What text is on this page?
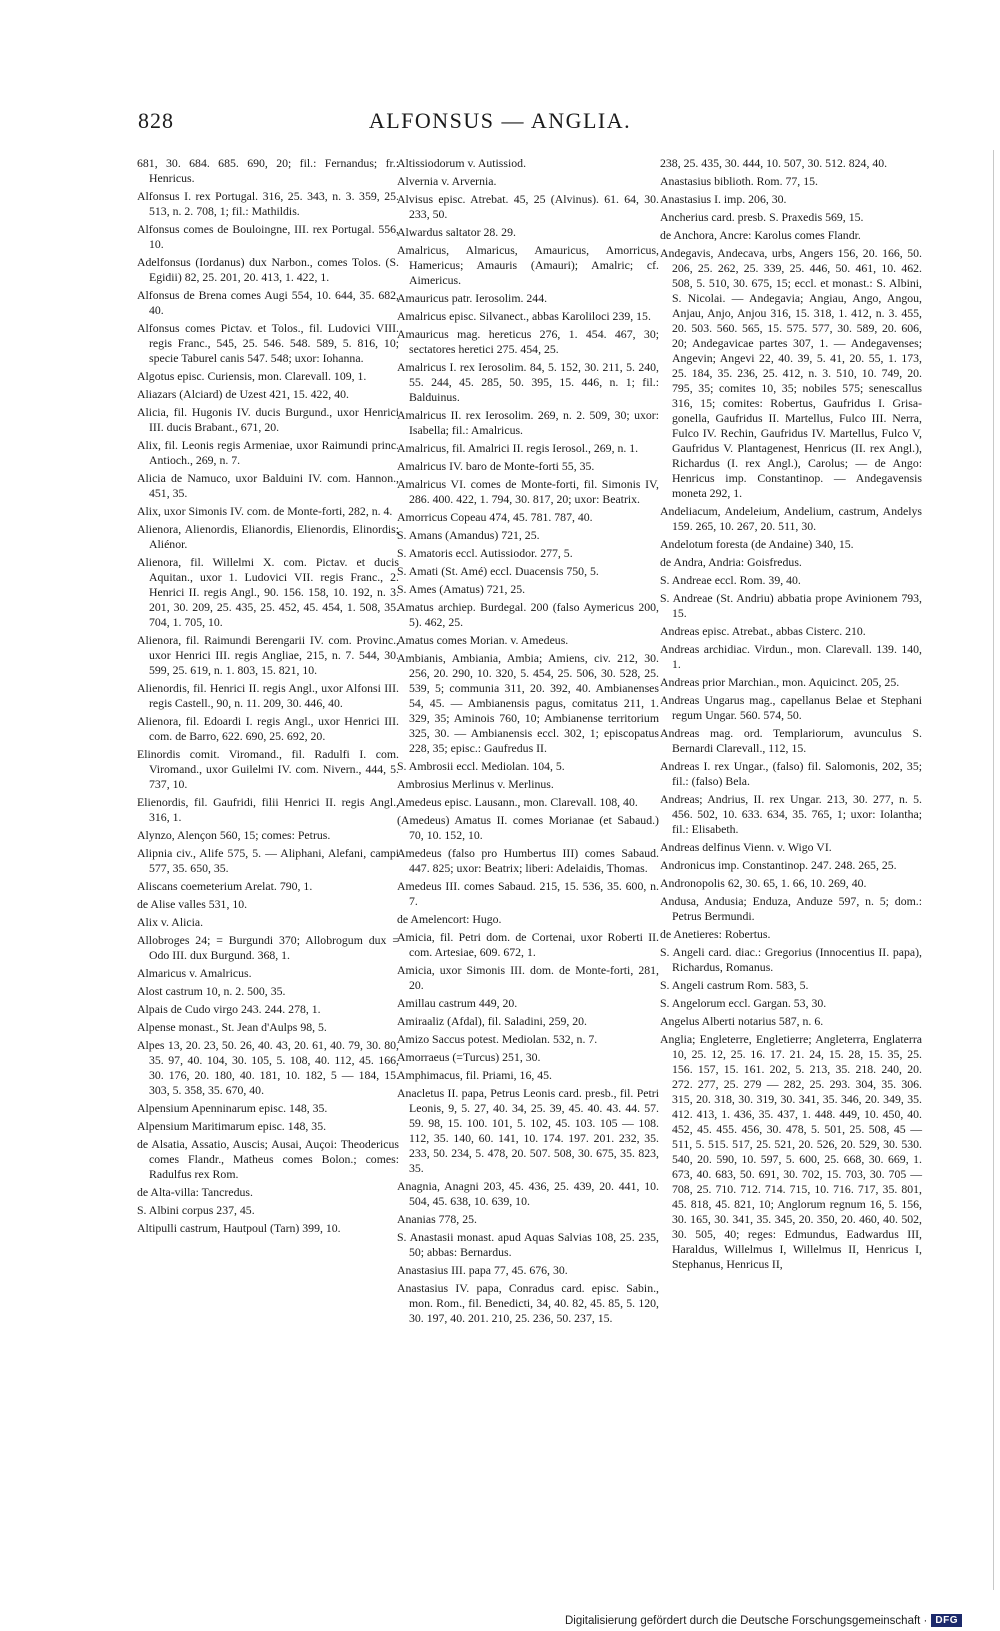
828	ALFONSUS — ANGLIA.
681, 30. 684. 685. 690, 20; fil.: Fernandus; fr.: Henricus.
Alfonsus I. rex Portugal. 316, 25. 343, n. 3. 359, 25. 513, n. 2. 708, 1; fil.: Mathildis.
Alfonsus comes de Bouloingne, III. rex Portugal. 556, 10.
Adelfonsus (Iordanus) dux Narbon., comes Tolos. (S. Egidii) 82, 25. 201, 20. 413, 1. 422, 1.
Alfonsus de Brena comes Augi 554, 10. 644, 35. 682, 40.
Alfonsus comes Pictav. et Tolos., fil. Ludovici VIII. regis Franc., 545, 25. 546. 548. 589, 5. 816, 10; specie Taburel canis 547. 548; uxor: Iohanna.
Algotus episc. Curiensis, mon. Clarevall. 109, 1.
Aliazars (Alciard) de Uzest 421, 15. 422, 40.
Alicia, fil. Hugonis IV. ducis Burgund., uxor Henrici III. ducis Brabant., 671, 20.
Alix, fil. Leonis regis Armeniae, uxor Raimundi princ. Antioch., 269, n. 7.
Alicia de Namuco, uxor Balduini IV. com. Hannon., 451, 35.
Alix, uxor Simonis IV. com. de Monte-forti, 282, n. 4.
Alienora, Alienordis, Elianordis, Elienordis, Elinordis; Aliénor.
Alienora, fil. Willelmi X. com. Pictav. et ducis Aquitan., uxor 1. Ludovici VII. regis Franc., 2. Henrici II. regis Angl., 90. 156. 158, 10. 192, n. 3. 201, 30. 209, 25. 435, 25. 452, 45. 454, 1. 508, 35. 704, 1. 705, 10.
Alienora, fil. Raimundi Berengarii IV. com. Provinc., uxor Henrici III. regis Angliae, 215, n. 7. 544, 30. 599, 25. 619, n. 1. 803, 15. 821, 10.
Alienordis, fil. Henrici II. regis Angl., uxor Alfonsi III. regis Castell., 90, n. 11. 209, 30. 446, 40.
Alienora, fil. Edoardi I. regis Angl., uxor Henrici III. com. de Barro, 622. 690, 25. 692, 20.
Elinordis comit. Viromand., fil. Radulfi I. com. Viromand., uxor Guilelmi IV. com. Nivern., 444, 5. 737, 10.
Elienordis, fil. Gaufridi, filii Henrici II. regis Angl., 316, 1.
Alynzo, Alençon 560, 15; comes: Petrus.
Alipnia civ., Alife 575, 5. — Aliphani, Alefani, campi 577, 35. 650, 35.
Aliscans coemeterium Arelat. 790, 1.
de Alise valles 531, 10.
Alix v. Alicia.
Allobroges 24; = Burgundi 370; Allobrogum dux = Odo III. dux Burgund. 368, 1.
Almaricus v. Amalricus.
Alost castrum 10, n. 2. 500, 35.
Alpais de Cudo virgo 243. 244. 278, 1.
Alpense monast., St. Jean d'Aulps 98, 5.
Alpes 13, 20. 23, 50. 26, 40. 43, 20. 61, 40. 79, 30. 80, 35. 97, 40. 104, 30. 105, 5. 108, 40. 112, 45. 166, 30. 176, 20. 180, 40. 181, 10. 182, 5 — 184, 15. 303, 5. 358, 35. 670, 40.
Alpensium Apenninarum episc. 148, 35.
Alpensium Maritimarum episc. 148, 35.
de Alsatia, Assatio, Auscis; Ausai, Auçoi: Theodericus comes Flandr., Matheus comes Bolon.; comes: Radulfus rex Rom.
de Alta-villa: Tancredus.
S. Albini corpus 237, 45.
Altipulli castrum, Hautpoul (Tarn) 399, 10.
Altissiodorum v. Autissiod.
Alvernia v. Arvernia.
Alvisus episc. Atrebat. 45, 25 (Alvinus). 61. 64, 30. 233, 50.
Alwardus saltator 28. 29.
Amalricus, Almaricus, Amauricus, Amorricus, Hamericus; Amauris (Amauri); Amalric; cf. Aimericus.
Amauricus patr. Ierosolim. 244.
Amalricus episc. Silvanect., abbas Karoliloci 239, 15.
Amauricus mag. hereticus 276, 1. 454. 467, 30; sectatores heretici 275. 454, 25.
Amalricus I. rex Ierosolim. 84, 5. 152, 30. 211, 5. 240, 55. 244, 45. 285, 50. 395, 15. 446, n. 1; fil.: Balduinus.
Amalricus II. rex Ierosolim. 269, n. 2. 509, 30; uxor: Isabella; fil.: Amalricus.
Amalricus, fil. Amalrici II. regis Ierosol., 269, n. 1.
Amalricus IV. baro de Monte-forti 55, 35.
Amalricus VI. comes de Monte-forti, fil. Simonis IV, 286. 400. 422, 1. 794, 30. 817, 20; uxor: Beatrix.
Amorricus Copeau 474, 45. 781. 787, 40.
S. Amans (Amandus) 721, 25.
S. Amatoris eccl. Autissiodor. 277, 5.
S. Amati (St. Amé) eccl. Duacensis 750, 5.
S. Ames (Amatus) 721, 25.
Amatus archiep. Burdegal. 200 (falso Aymericus 200, 5). 462, 25.
Amatus comes Morian. v. Amedeus.
Ambianis, Ambiania, Ambia; Amiens, civ. 212, 30. 256, 20. 290, 10. 320, 5. 454, 25. 506, 30. 528, 25. 539, 5; communia 311, 20. 392, 40. Ambianenses 54, 45. — Ambianensis pagus, comitatus 211, 1. 329, 35; Aminois 760, 10; Ambianense territorium 325, 30. — Ambianensis eccl. 302, 1; episcopatus 228, 35; episc.: Gaufredus II.
S. Ambrosii eccl. Mediolan. 104, 5.
Ambrosius Merlinus v. Merlinus.
Amedeus episc. Lausann., mon. Clarevall. 108, 40.
(Amedeus) Amatus II. comes Morianae (et Sabaud.) 70, 10. 152, 10.
Amedeus (falso pro Humbertus III) comes Sabaud. 447. 825; uxor: Beatrix; liberi: Adelaidis, Thomas.
Amedeus III. comes Sabaud. 215, 15. 536, 35. 600, n. 7.
de Amelencort: Hugo.
Amicia, fil. Petri dom. de Cortenai, uxor Roberti II. com. Artesiae, 609. 672, 1.
Amicia, uxor Simonis III. dom. de Monte-forti, 281, 20.
Amillau castrum 449, 20.
Amiraaliz (Afdal), fil. Saladini, 259, 20.
Amizo Saccus potest. Mediolan. 532, n. 7.
Amorraeus (=Turcus) 251, 30.
Amphimacus, fil. Priami, 16, 45.
Anacletus II. papa, Petrus Leonis card. presb., fil. Petri Leonis, 9, 5. 27, 40. 34, 25. 39, 45. 40. 43. 44. 57. 59. 98, 15. 100. 101, 5. 102, 45. 103. 105 — 108. 112, 35. 140, 60. 141, 10. 174. 197. 201. 232, 35. 233, 50. 234, 5. 478, 20. 507. 508, 30. 675, 35. 823, 35.
Anagnia, Anagni 203, 45. 436, 25. 439, 20. 441, 10. 504, 45. 638, 10. 639, 10.
Ananias 778, 25.
S. Anastasii monast. apud Aquas Salvias 108, 25. 235, 50; abbas: Bernardus.
Anastasius III. papa 77, 45. 676, 30.
Anastasius IV. papa, Conradus card. episc. Sabin., mon. Rom., fil. Benedicti, 34, 40. 82, 45. 85, 5. 120, 30. 197, 40. 201. 210, 25. 236, 50. 237, 15.
238, 25. 435, 30. 444, 10. 507, 30. 512. 824, 40.
Anastasius biblioth. Rom. 77, 15.
Anastasius I. imp. 206, 30.
Ancherius card. presb. S. Praxedis 569, 15.
de Anchora, Ancre: Karolus comes Flandr.
Andegavis, Andecava, urbs, Angers 156, 20. 166, 50. 206, 25. 262, 25. 339, 25. 446, 50. 461, 10. 462. 508, 5. 510, 30. 675, 15; eccl. et monast.: S. Albini, S. Nicolai. — Andegavia; Angiau, Ango, Angou, Anjau, Anjo, Anjou 316, 15. 318, 1. 412, n. 3. 455, 20. 503. 560. 565, 15. 575. 577, 30. 589, 20. 606, 20; Andegavicae partes 307, 1. — Andegavenses; Angevin; Angevi 22, 40. 39, 5. 41, 20. 55, 1. 173, 25. 184, 35. 236, 25. 412, n. 3. 510, 10. 749, 20. 795, 35; comites 10, 35; nobiles 575; senescallus 316, 15; comites: Robertus, Gaufridus I. Grisa-gonella, Gaufridus II. Martellus, Fulco III. Nerra, Fulco IV. Rechin, Gaufridus IV. Martellus, Fulco V, Gaufridus V. Plantagenest, Henricus (II. rex Angl.), Richardus (I. rex Angl.), Carolus; — de Ango: Henricus imp. Constantinop. — Andegavensis moneta 292, 1.
Andeliacum, Andeleium, Andelium, castrum, Andelys 159. 265, 10. 267, 20. 511, 30.
Andelotum foresta (de Andaine) 340, 15.
de Andra, Andria: Goisfredus.
S. Andreae eccl. Rom. 39, 40.
S. Andreae (St. Andriu) abbatia prope Avinionem 793, 15.
Andreas episc. Atrebat., abbas Cisterc. 210.
Andreas archidiac. Virdun., mon. Clarevall. 139. 140, 1.
Andreas prior Marchian., mon. Aquicinct. 205, 25.
Andreas Ungarus mag., capellanus Belae et Stephani regum Ungar. 560. 574, 50.
Andreas mag. ord. Templariorum, avunculus S. Bernardi Clarevall., 112, 15.
Andreas I. rex Ungar., (falso) fil. Salomonis, 202, 35; fil.: (falso) Bela.
Andreas; Andrius, II. rex Ungar. 213, 30. 277, n. 5. 456. 502, 10. 633. 634, 35. 765, 1; uxor: Iolantha; fil.: Elisabeth.
Andreas delfinus Vienn. v. Wigo VI.
Andronicus imp. Constantinop. 247. 248. 265, 25.
Andronopolis 62, 30. 65, 1. 66, 10. 269, 40.
Andusa, Andusia; Enduza, Anduze 597, n. 5; dom.: Petrus Bermundi.
de Anetieres: Robertus.
S. Angeli card. diac.: Gregorius (Innocentius II. papa), Richardus, Romanus.
S. Angeli castrum Rom. 583, 5.
S. Angelorum eccl. Gargan. 53, 30.
Angelus Alberti notarius 587, n. 6.
Anglia; Engleterre, Engletierre; Angleterra, Englaterra 10, 25. 12, 25. 16. 17. 21. 24, 15. 28, 15. 35, 25. 156. 157, 15. 161. 202, 5. 213, 35. 218. 240, 20. 272. 277, 25. 279 — 282, 25. 293. 304, 35. 306. 315, 20. 318, 30. 319, 30. 341, 35. 346, 20. 349, 35. 412. 413, 1. 436, 35. 437, 1. 448. 449, 10. 450, 40. 452, 45. 455. 456, 30. 478, 5. 501, 25. 508, 45 — 511, 5. 515. 517, 25. 521, 20. 526, 20. 529, 30. 530. 540, 20. 590, 10. 597, 5. 600, 25. 668, 30. 669, 1. 673, 40. 683, 50. 691, 30. 702, 15. 703, 30. 705 — 708, 25. 710. 712. 714. 715, 10. 716. 717, 35. 801, 45. 818, 45. 821, 10; Anglorum regnum 16, 5. 156, 30. 165, 30. 341, 35. 345, 20. 350, 20. 460, 40. 502, 30. 505, 40; reges: Edmundus, Eadwardus III, Haraldus, Willelmus I, Willelmus II, Henricus I, Stephanus, Henricus II,
Digitalisierung gefördert durch die Deutsche Forschungsgemeinschaft · DFG
